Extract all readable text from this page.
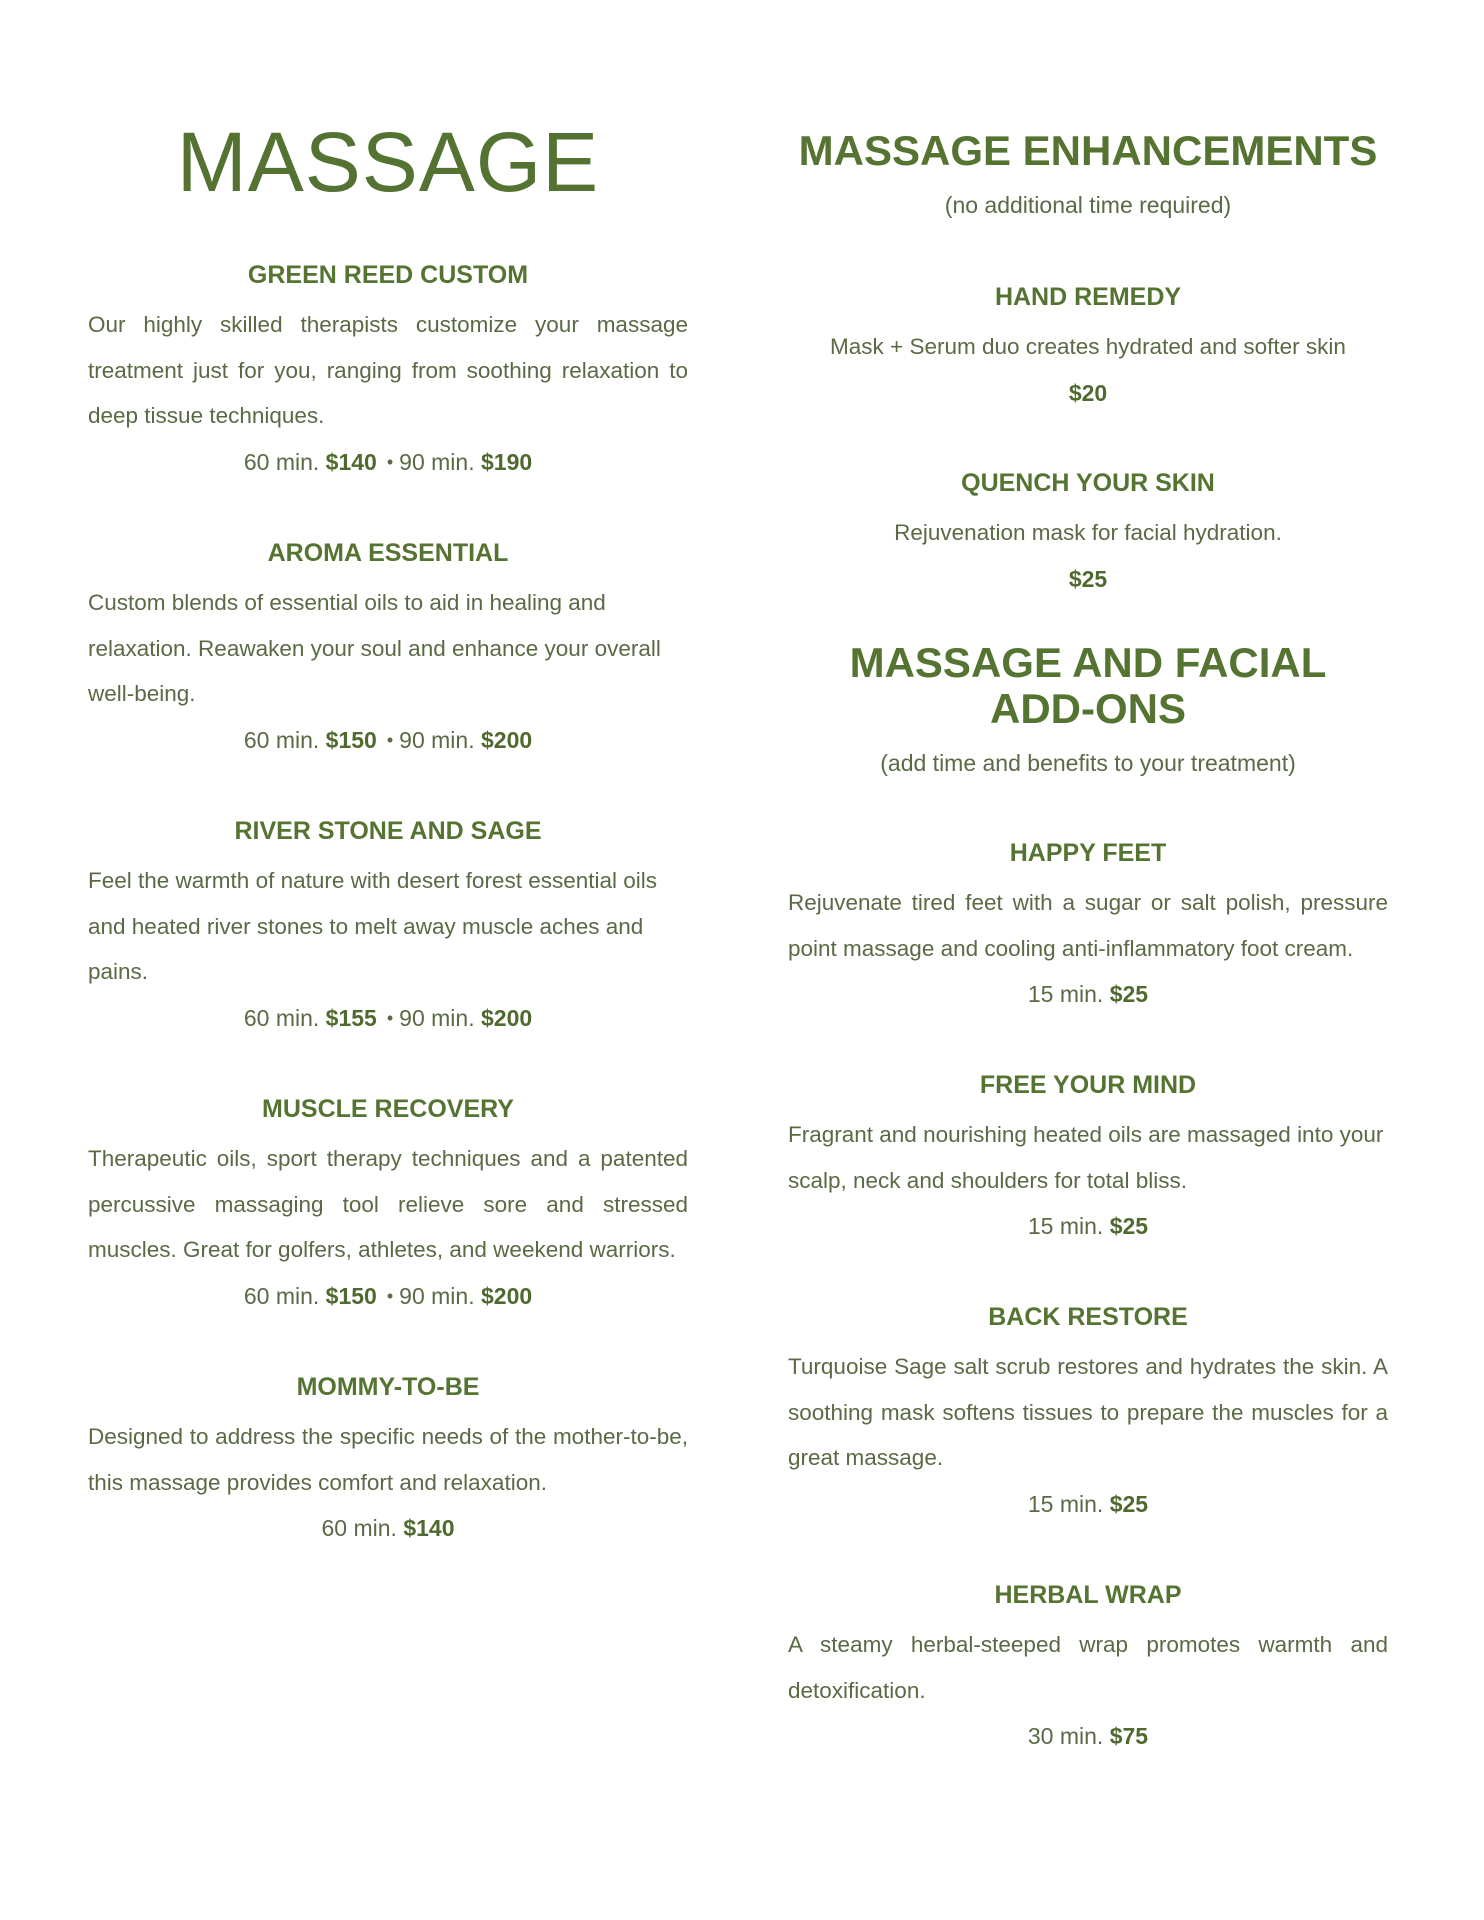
MASSAGE
GREEN REED CUSTOM
Our highly skilled therapists customize your massage treatment just for you, ranging from soothing relaxation to deep tissue techniques.
60 min. $140 • 90 min. $190
AROMA ESSENTIAL
Custom blends of essential oils to aid in healing and relaxation. Reawaken your soul and enhance your overall well-being.
60 min. $150 • 90 min. $200
RIVER STONE AND SAGE
Feel the warmth of nature with desert forest essential oils and heated river stones to melt away muscle aches and pains.
60 min. $155 • 90 min. $200
MUSCLE RECOVERY
Therapeutic oils, sport therapy techniques and a patented percussive massaging tool relieve sore and stressed muscles. Great for golfers, athletes, and weekend warriors.
60 min. $150 • 90 min. $200
MOMMY-TO-BE
Designed to address the specific needs of the mother-to-be, this massage provides comfort and relaxation.
60 min. $140
MASSAGE ENHANCEMENTS
(no additional time required)
HAND REMEDY
Mask + Serum duo creates hydrated and softer skin
$20
QUENCH YOUR SKIN
Rejuvenation mask for facial hydration.
$25
MASSAGE AND FACIAL
ADD-ONS
(add time and benefits to your treatment)
HAPPY FEET
Rejuvenate tired feet with a sugar or salt polish, pressure point massage and cooling anti-inflammatory foot cream.
15 min. $25
FREE YOUR MIND
Fragrant and nourishing heated oils are massaged into your scalp, neck and shoulders for total bliss.
15 min. $25
BACK RESTORE
Turquoise Sage salt scrub restores and hydrates the skin. A soothing mask softens tissues to prepare the muscles for a great massage.
15 min. $25
HERBAL WRAP
A steamy herbal-steeped wrap promotes warmth and detoxification.
30 min. $75
